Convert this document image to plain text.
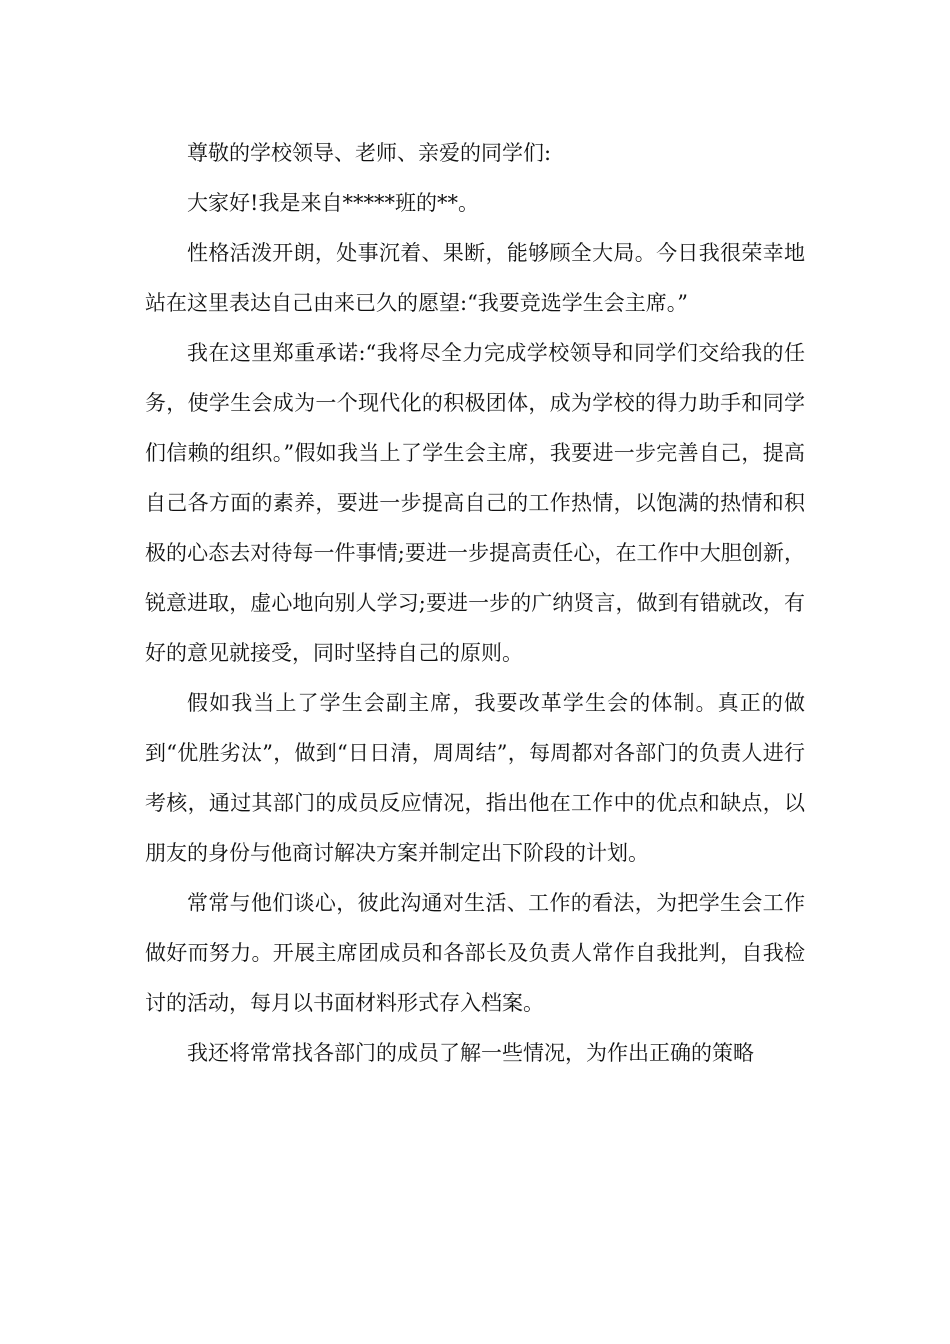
尊敬的学校领导、老师、亲爱的同学们:

大家好!我是来自*****班的**。

性格活泼开朗，处事沉着、果断，能够顾全大局。今日我很荣幸地站在这里表达自己由来已久的愿望:“我要竞选学生会主席。”

我在这里郑重承诺:“我将尽全力完成学校领导和同学们交给我的任务，使学生会成为一个现代化的积极团体，成为学校的得力助手和同学们信赖的组织。”假如我当上了学生会主席，我要进一步完善自己，提高自己各方面的素养，要进一步提高自己的工作热情，以饱满的热情和积极的心态去对待每一件事情;要进一步提高责任心，在工作中大胆创新，锐意进取，虚心地向别人学习;要进一步的广纳贤言，做到有错就改，有好的意见就接受，同时坚持自己的原则。

假如我当上了学生会副主席，我要改革学生会的体制。真正的做到“优胜劣汰”，做到“日日清，周周结”，每周都对各部门的负责人进行考核，通过其部门的成员反应情况，指出他在工作中的优点和缺点，以朋友的身份与他商讨解决方案并制定出下阶段的计划。

常常与他们谈心，彼此沟通对生活、工作的看法，为把学生会工作做好而努力。开展主席团成员和各部长及负责人常作自我批判，自我检讨的活动，每月以书面材料形式存入档案。

我还将常常找各部门的成员了解一些情况，为作出正确的策略
